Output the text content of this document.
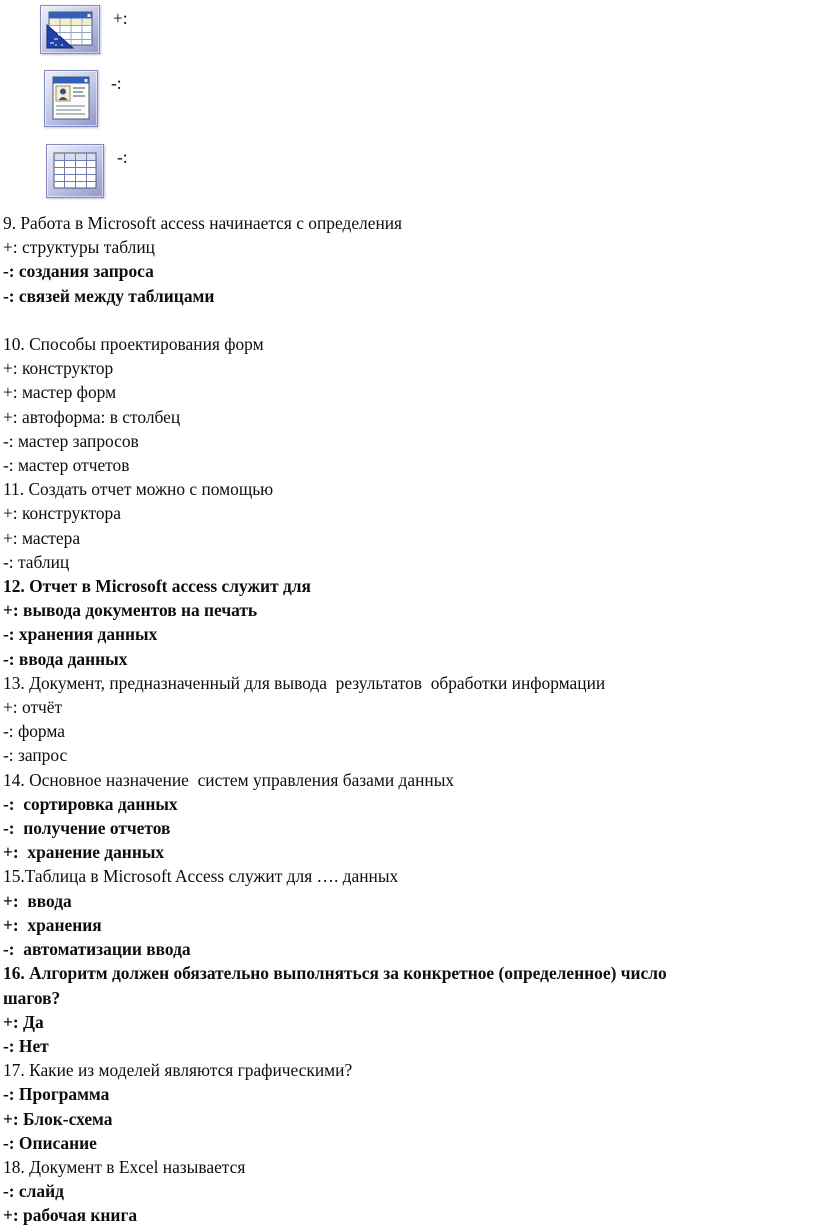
+:
-:
-:
9. Работа в Microsoft access начинается с определения
+: структуры таблиц
-: создания запроса
-: связей между таблицами

10. Способы проектирования форм
+: конструктор
+: мастер форм
+: автоформа: в столбец
-: мастер запросов
-: мастер отчетов
11. Создать отчет можно с помощью
+: конструктора
+: мастера
-: таблиц
12. Отчет в Microsoft access служит для
+: вывода документов на печать
-: хранения данных
-: ввода данных
13. Документ, предназначенный для вывода  результатов  обработки информации
+: отчёт
-: форма
-: запрос
14. Основное назначение  систем управления базами данных
-:  сортировка данных
-:  получение отчетов
+:  хранение данных
15.Таблица в Microsoft Access служит для …. данных
+:  ввода
+:  хранения
-:  автоматизации ввода
16. Алгоритм должен обязательно выполняться за конкретное (определенное) число
шагов?
+: Да
-: Нет
17. Какие из моделей являются графическими?
-: Программа
+: Блок-схема
-: Описание
18. Документ в Excel называется
-: слайд
+: рабочая книга
